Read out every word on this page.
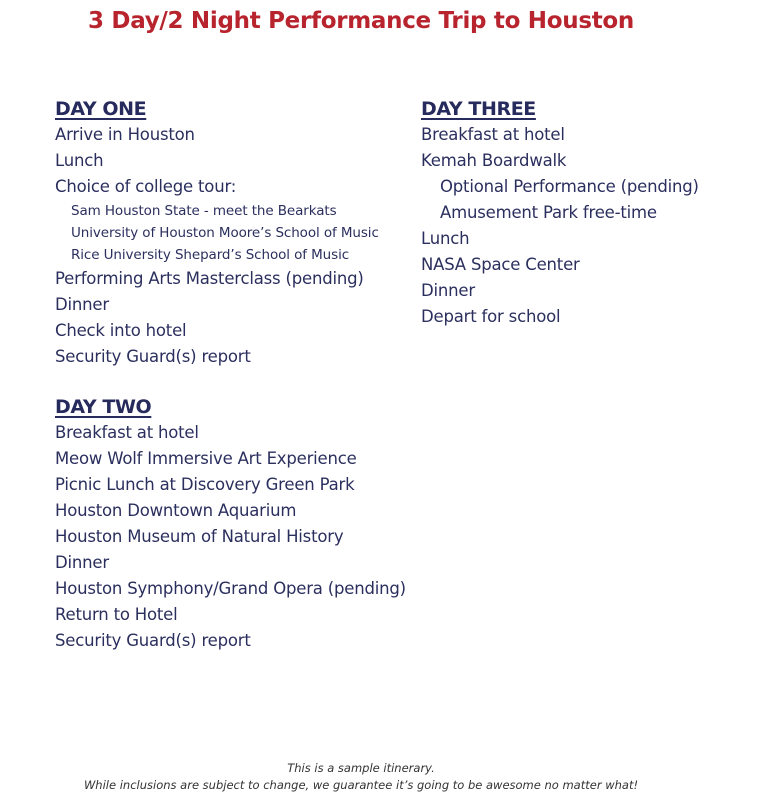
3 Day/2 Night Performance Trip to Houston
DAY ONE
Arrive in Houston
Lunch
Choice of college tour:
Sam Houston State - meet the Bearkats
University of Houston Moore’s School of Music
Rice University Shepard’s School of Music
Performing Arts Masterclass (pending)
Dinner
Check into hotel
Security Guard(s) report
DAY TWO
Breakfast at hotel
Meow Wolf Immersive Art Experience
Picnic Lunch at Discovery Green Park
Houston Downtown Aquarium
Houston Museum of Natural History
Dinner
Houston Symphony/Grand Opera (pending)
Return to Hotel
Security Guard(s) report
DAY THREE
Breakfast at hotel
Kemah Boardwalk
Optional Performance (pending)
Amusement Park free-time
Lunch
NASA Space Center
Dinner
Depart for school
This is a sample itinerary.
While inclusions are subject to change, we guarantee it’s going to be awesome no matter what!
